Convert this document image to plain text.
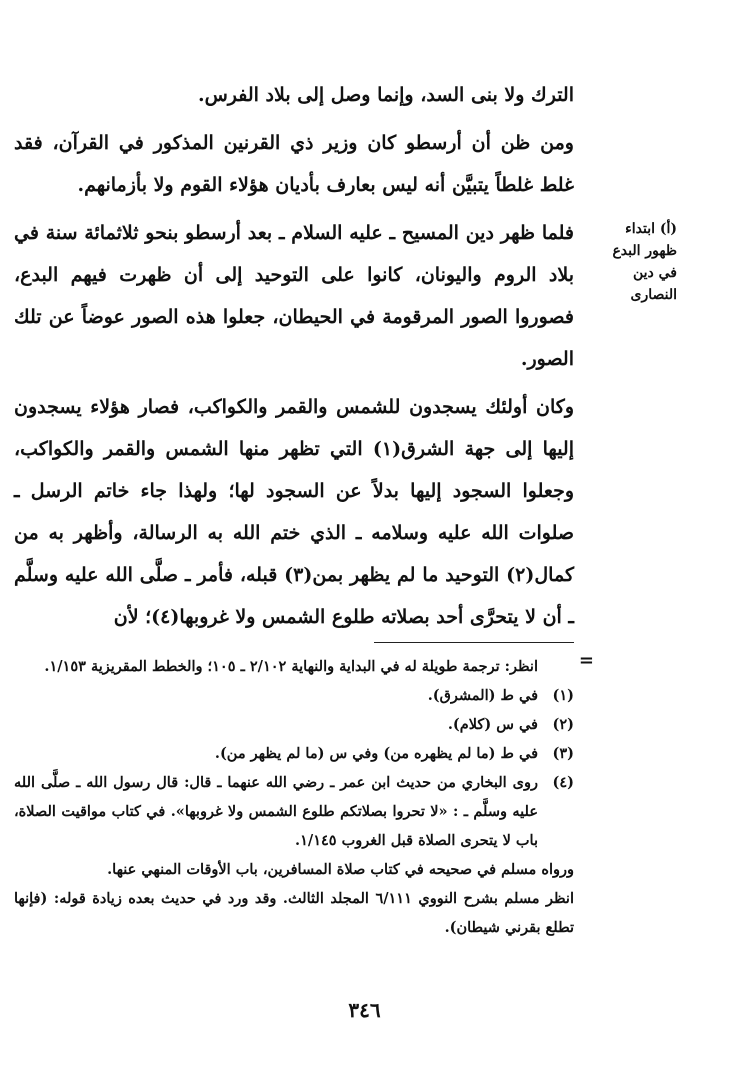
الترك ولا بنى السد، وإنما وصل إلى بلاد الفرس.

ومن ظن أن أرسطو كان وزير ذي القرنين المذكور في القرآن، فقد غلط غلطاً يتبيَّن أنه ليس بعارف بأديان هؤلاء القوم ولا بأزمانهم.

فلما ظهر دين المسيح ـ عليه السلام ـ بعد أرسطو بنحو ثلاثمائة سنة في بلاد الروم واليونان، كانوا على التوحيد إلى أن ظهرت فيهم البدع، فصوروا الصور المرقومة في الحيطان، جعلوا هذه الصور عوضاً عن تلك الصور.

وكان أولئك يسجدون للشمس والقمر والكواكب، فصار هؤلاء يسجدون إليها إلى جهة الشرق(١) التي تظهر منها الشمس والقمر والكواكب، وجعلوا السجود إليها بدلاً عن السجود لها؛ ولهذا جاء خاتم الرسل ـ صلوات الله عليه وسلامه ـ الذي ختم الله به الرسالة، وأظهر به من كمال(٢) التوحيد ما لم يظهر بمن(٣) قبله، فأمر ـ صلَّى الله عليه وسلَّم ـ أن لا يتحرَّى أحد بصلاته طلوع الشمس ولا غروبها(٤)؛ لأن

(أ) ابتداء
ظهور البدع
في دين
النصارى
=
انظر: ترجمة طويلة له في البداية والنهاية ٢/١٠٢ ـ ١٠٥؛ والخطط المقريزية ١/١٥٣.
(١)
في ط (المشرق).
(٢)
في س (كلام).
(٣)
في ط (ما لم يظهره من) وفي س (ما لم يظهر من).
(٤)
روى البخاري من حديث ابن عمر ـ رضي الله عنهما ـ قال: قال رسول الله ـ صلَّى الله عليه وسلَّم ـ : «لا تحروا بصلاتكم طلوع الشمس ولا غروبها». في كتاب مواقيت الصلاة، باب لا يتحرى الصلاة قبل الغروب ١/١٤٥.
ورواه مسلم في صحيحه في كتاب صلاة المسافرين، باب الأوقات المنهي عنها.
انظر مسلم بشرح النووي ٦/١١١ المجلد الثالث. وقد ورد في حديث بعده زيادة قوله: (فإنها تطلع بقرني شيطان).
٣٤٦
